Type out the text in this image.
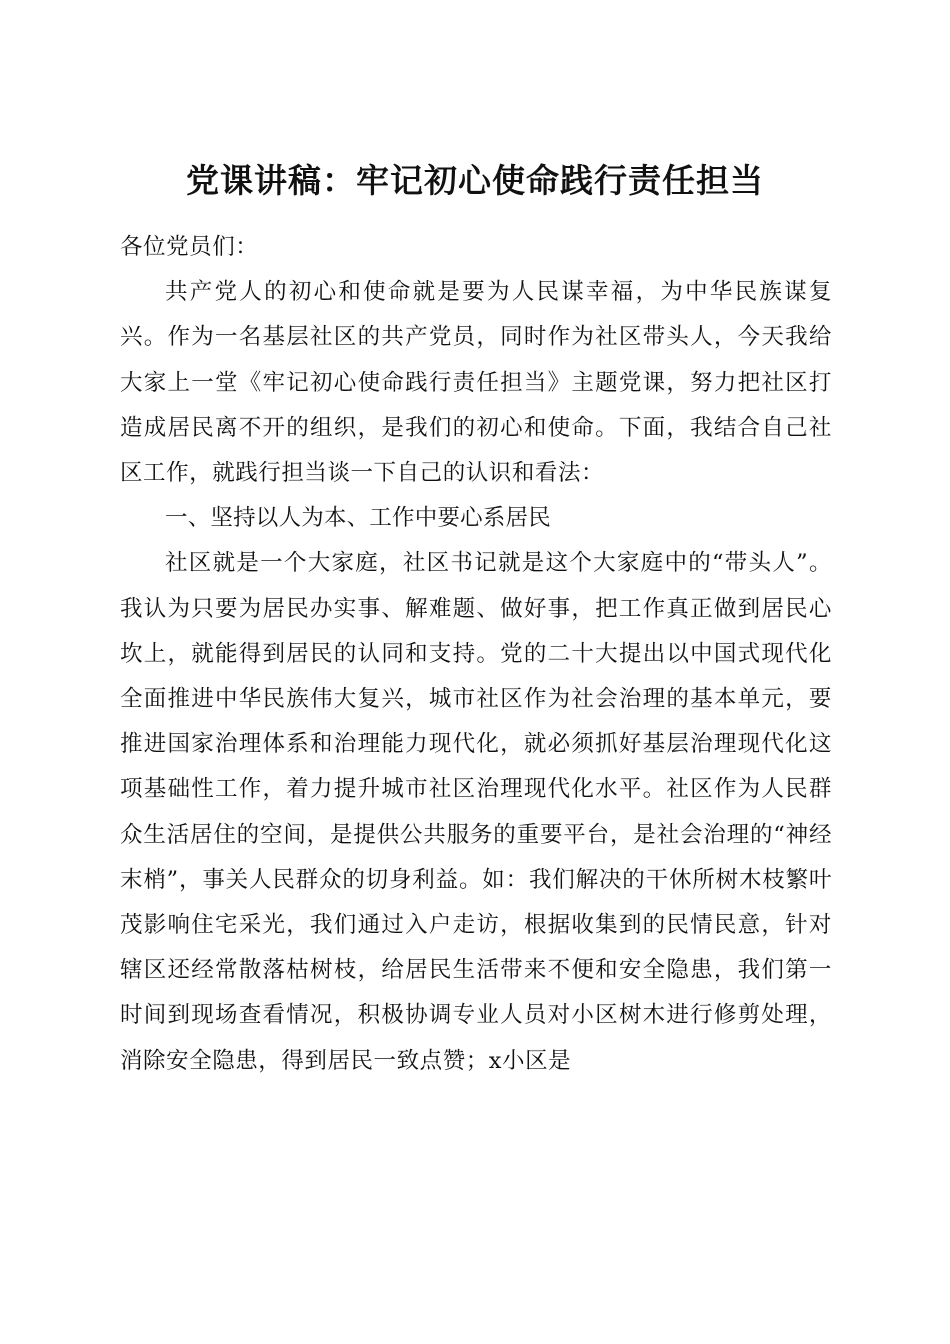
党课讲稿：牢记初心使命践行责任担当

各位党员们：

共产党人的初心和使命就是要为人民谋幸福，为中华民族谋复兴。作为一名基层社区的共产党员，同时作为社区带头人，今天我给大家上一堂《牢记初心使命践行责任担当》主题党课，努力把社区打造成居民离不开的组织，是我们的初心和使命。下面，我结合自己社区工作，就践行担当谈一下自己的认识和看法：

一、坚持以人为本、工作中要心系居民

社区就是一个大家庭，社区书记就是这个大家庭中的“带头人”。我认为只要为居民办实事、解难题、做好事，把工作真正做到居民心坎上，就能得到居民的认同和支持。党的二十大提出以中国式现代化全面推进中华民族伟大复兴，城市社区作为社会治理的基本单元，要推进国家治理体系和治理能力现代化，就必须抓好基层治理现代化这项基础性工作，着力提升城市社区治理现代化水平。社区作为人民群众生活居住的空间，是提供公共服务的重要平台，是社会治理的“神经末梢”，事关人民群众的切身利益。如：我们解决的干休所树木枝繁叶茂影响住宅采光，我们通过入户走访，根据收集到的民情民意，针对辖区还经常散落枯树枝，给居民生活带来不便和安全隐患，我们第一时间到现场查看情况，积极协调专业人员对小区树木进行修剪处理，消除安全隐患，得到居民一致点赞；x小区是
